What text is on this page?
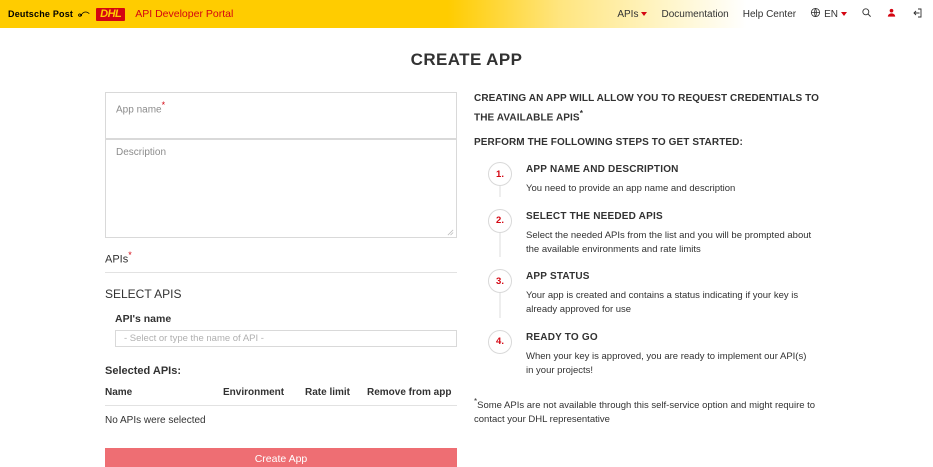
Deutsche Post DHL API Developer Portal	APIs Documentation Help Center	EN
CREATE APP
App name*
Description
APIs*
SELECT APIS
API's name
- Select or type the name of API -
Selected APIs:
Name	Environment	Rate limit	Remove from app
No APIs were selected
Create App
CREATING AN APP WILL ALLOW YOU TO REQUEST CREDENTIALS TO THE AVAILABLE APIS*
PERFORM THE FOLLOWING STEPS TO GET STARTED:
1.	APP NAME AND DESCRIPTION
You need to provide an app name and description
2.	SELECT THE NEEDED APIS
Select the needed APIs from the list and you will be prompted about the available environments and rate limits
3.	APP STATUS
Your app is created and contains a status indicating if your key is already approved for use
4.	READY TO GO
When your key is approved, you are ready to implement our API(s) in your projects!
*Some APIs are not available through this self-service option and might require to contact your DHL representative
